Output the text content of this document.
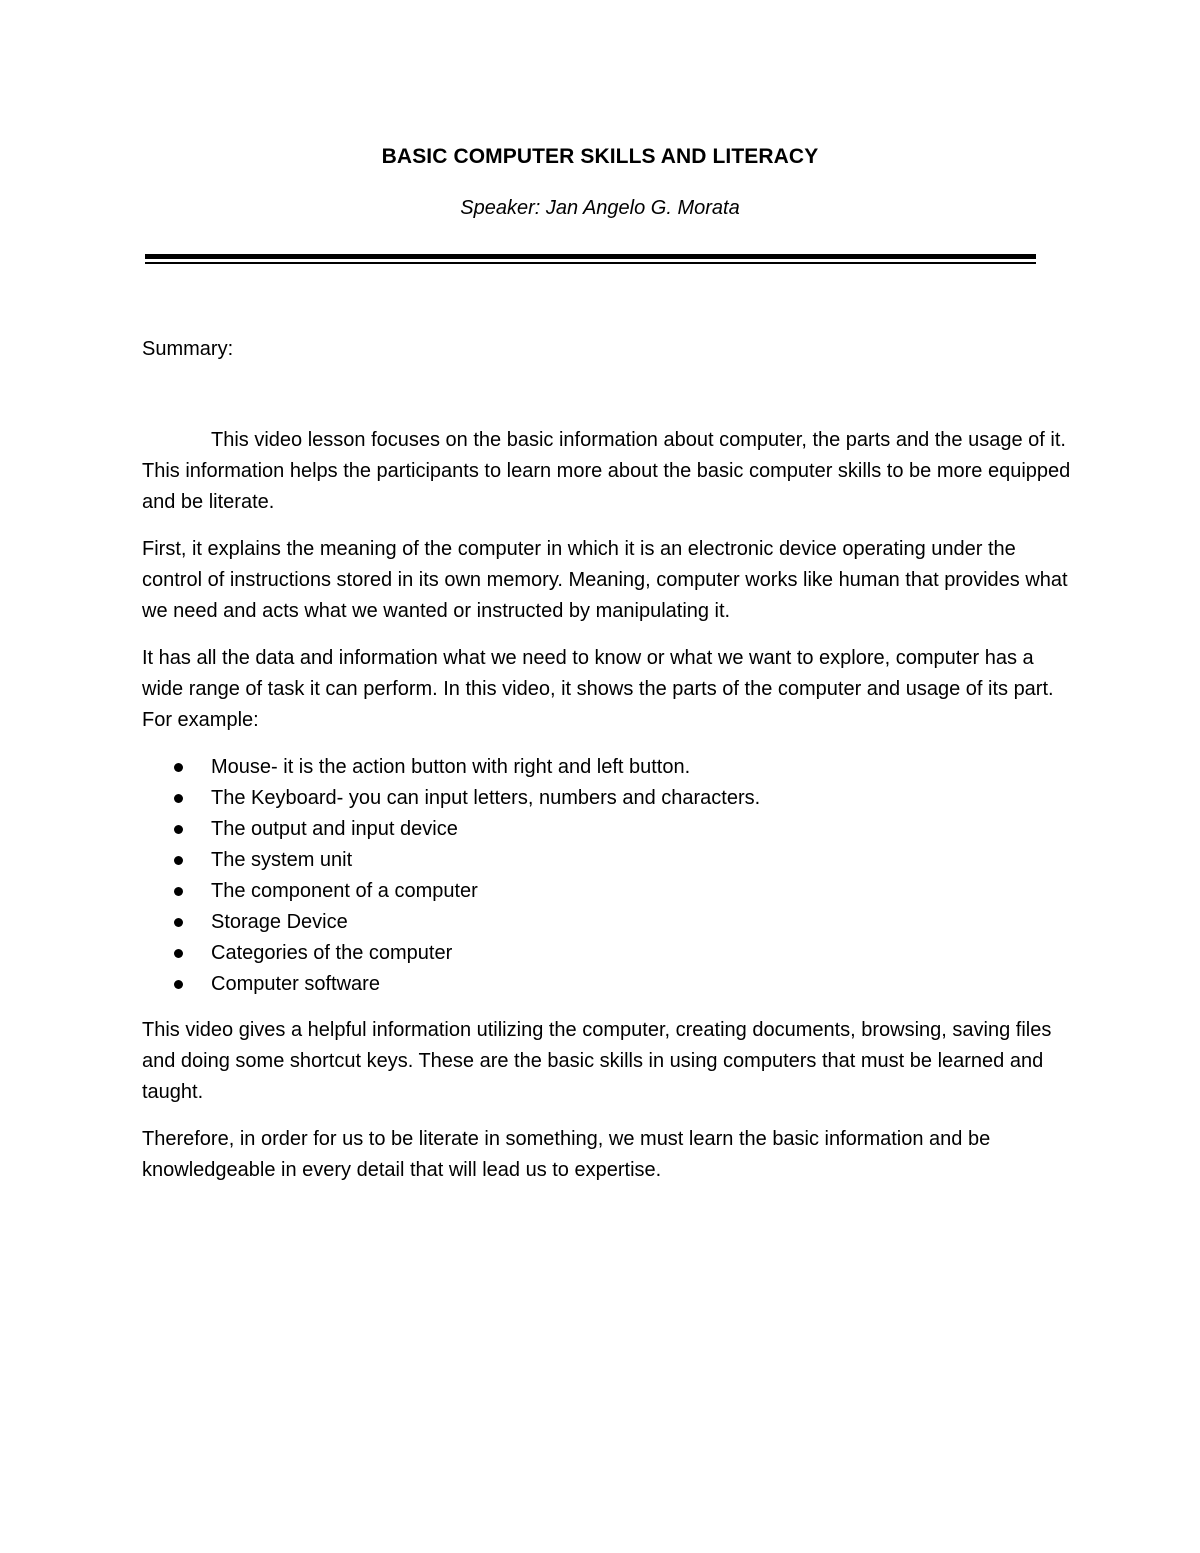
BASIC COMPUTER SKILLS AND LITERACY
Speaker: Jan Angelo G. Morata
Summary:
This video lesson focuses on the basic information about computer, the parts and the usage of it. This information helps the participants to learn more about the basic computer skills to be more equipped and be literate.
First, it explains the meaning of the computer in which it is an electronic device operating under the control of instructions stored in its own memory. Meaning, computer works like human that provides what we need and acts what we wanted or instructed by manipulating it.
It has all the data and information what we need to know or what we want to explore, computer has a wide range of task it can perform. In this video, it shows the parts of the computer and usage of its part. For example:
Mouse- it is the action button with right and left button.
The Keyboard- you can input letters, numbers and characters.
The output and input device
The system unit
The component of a computer
Storage Device
Categories of the computer
Computer software
This video gives a helpful information utilizing the computer, creating documents, browsing, saving files and doing some shortcut keys. These are the basic skills in using computers that must be learned and taught.
Therefore, in order for us to be literate in something, we must learn the basic information and be knowledgeable in every detail that will lead us to expertise.
